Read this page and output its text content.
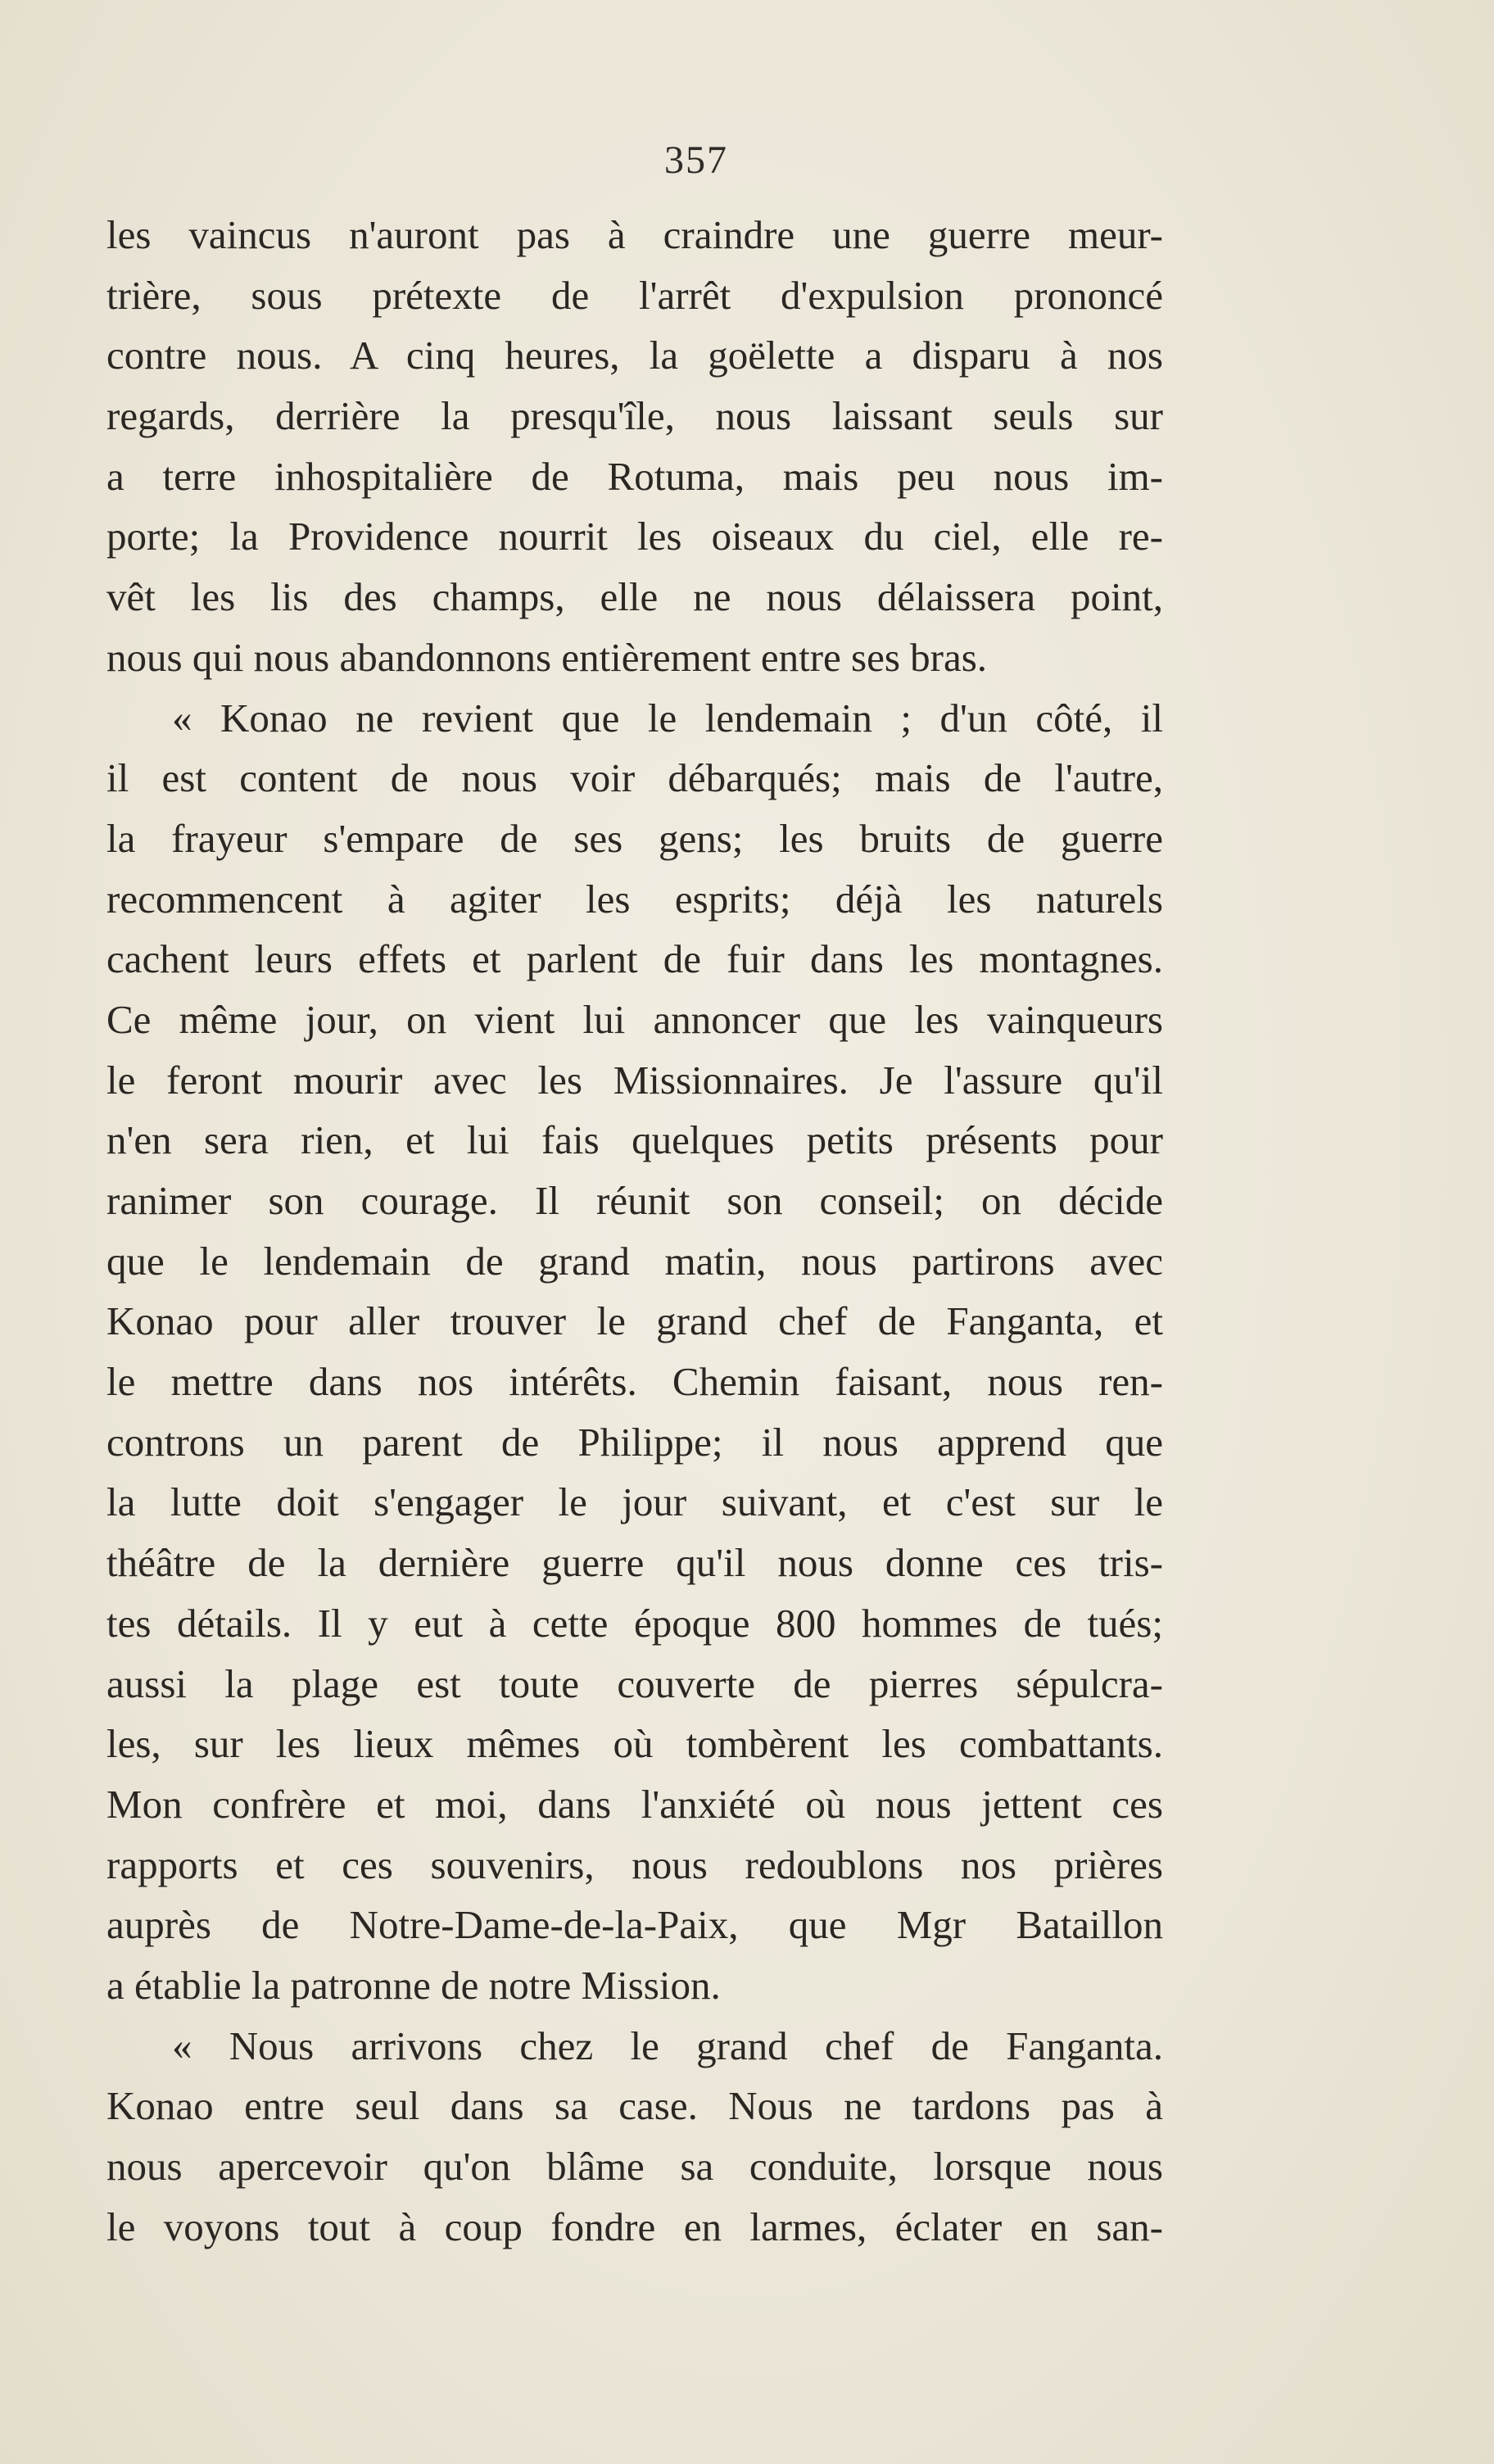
357
les vaincus n'auront pas à craindre une guerre meur-
trière, sous prétexte de l'arrêt d'expulsion prononcé
contre nous. A cinq heures, la goëlette a disparu à nos
regards, derrière la presqu'île, nous laissant seuls sur
a terre inhospitalière de Rotuma, mais peu nous im-
porte; la Providence nourrit les oiseaux du ciel, elle re-
vêt les lis des champs, elle ne nous délaissera point,
nous qui nous abandonnons entièrement entre ses bras.
« Konao ne revient que le lendemain ; d'un côté, il
il est content de nous voir débarqués; mais de l'autre,
la frayeur s'empare de ses gens; les bruits de guerre
recommencent à agiter les esprits; déjà les naturels
cachent leurs effets et parlent de fuir dans les montagnes.
Ce même jour, on vient lui annoncer que les vainqueurs
le feront mourir avec les Missionnaires. Je l'assure qu'il
n'en sera rien, et lui fais quelques petits présents pour
ranimer son courage. Il réunit son conseil; on décide
que le lendemain de grand matin, nous partirons avec
Konao pour aller trouver le grand chef de Fanganta, et
le mettre dans nos intérêts. Chemin faisant, nous ren-
controns un parent de Philippe; il nous apprend que
la lutte doit s'engager le jour suivant, et c'est sur le
théâtre de la dernière guerre qu'il nous donne ces tris-
tes détails. Il y eut à cette époque 800 hommes de tués;
aussi la plage est toute couverte de pierres sépulcra-
les, sur les lieux mêmes où tombèrent les combattants.
Mon confrère et moi, dans l'anxiété où nous jettent ces
rapports et ces souvenirs, nous redoublons nos prières
auprès de Notre-Dame-de-la-Paix, que Mgr Bataillon
a établie la patronne de notre Mission.
« Nous arrivons chez le grand chef de Fanganta.
Konao entre seul dans sa case. Nous ne tardons pas à
nous apercevoir qu'on blâme sa conduite, lorsque nous
le voyons tout à coup fondre en larmes, éclater en san-
